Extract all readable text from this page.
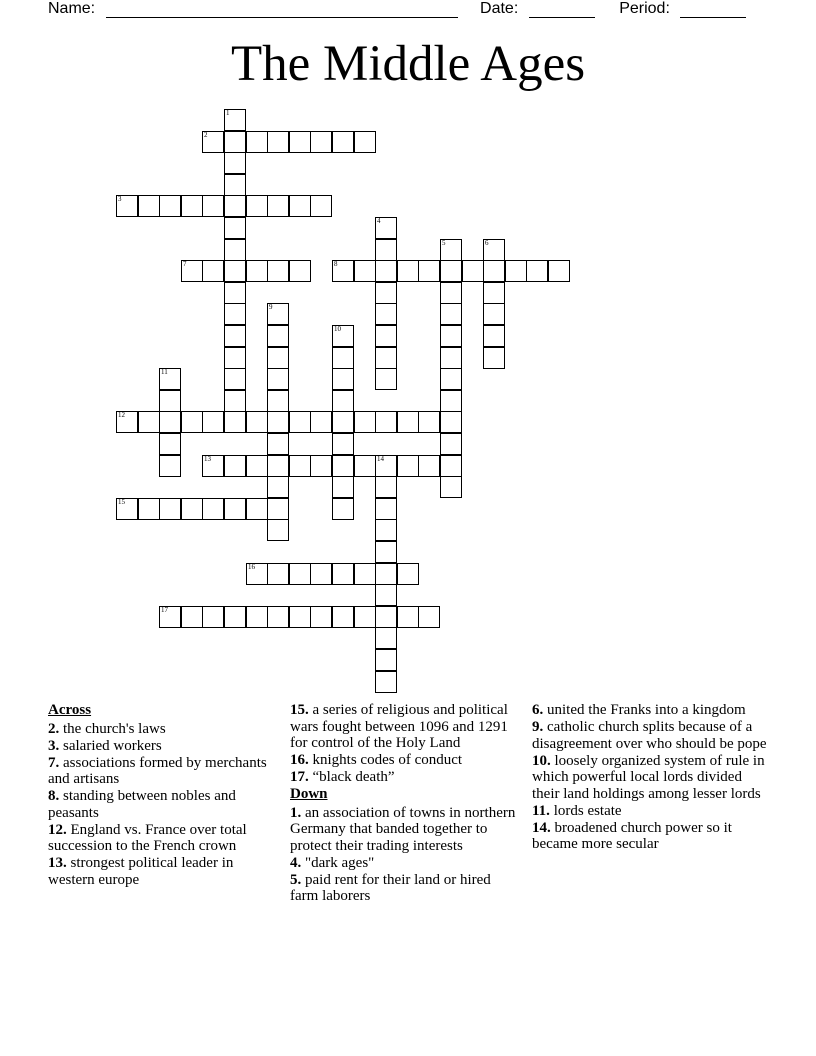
Name:	Date:	Period:
The Middle Ages
1
2
3
4
5	6
7	8
9
10
11
12
13	14
15
16
17
Across
2. the church's laws
3. salaried workers
7. associations formed by merchants and artisans
8. standing between nobles and peasants
12. England vs. France over total succession to the French crown
13. strongest political leader in western europe
15. a series of religious and political wars fought between 1096 and 1291 for control of the Holy Land
16. knights codes of conduct
17. “black death”
Down
1. an association of towns in northern Germany that banded together to protect their trading interests
4. "dark ages"
5. paid rent for their land or hired farm laborers
6. united the Franks into a kingdom
9. catholic church splits because of a disagreement over who should be pope
10. loosely organized system of rule in which powerful local lords divided their land holdings among lesser lords
11. lords estate
14. broadened church power so it became more secular
